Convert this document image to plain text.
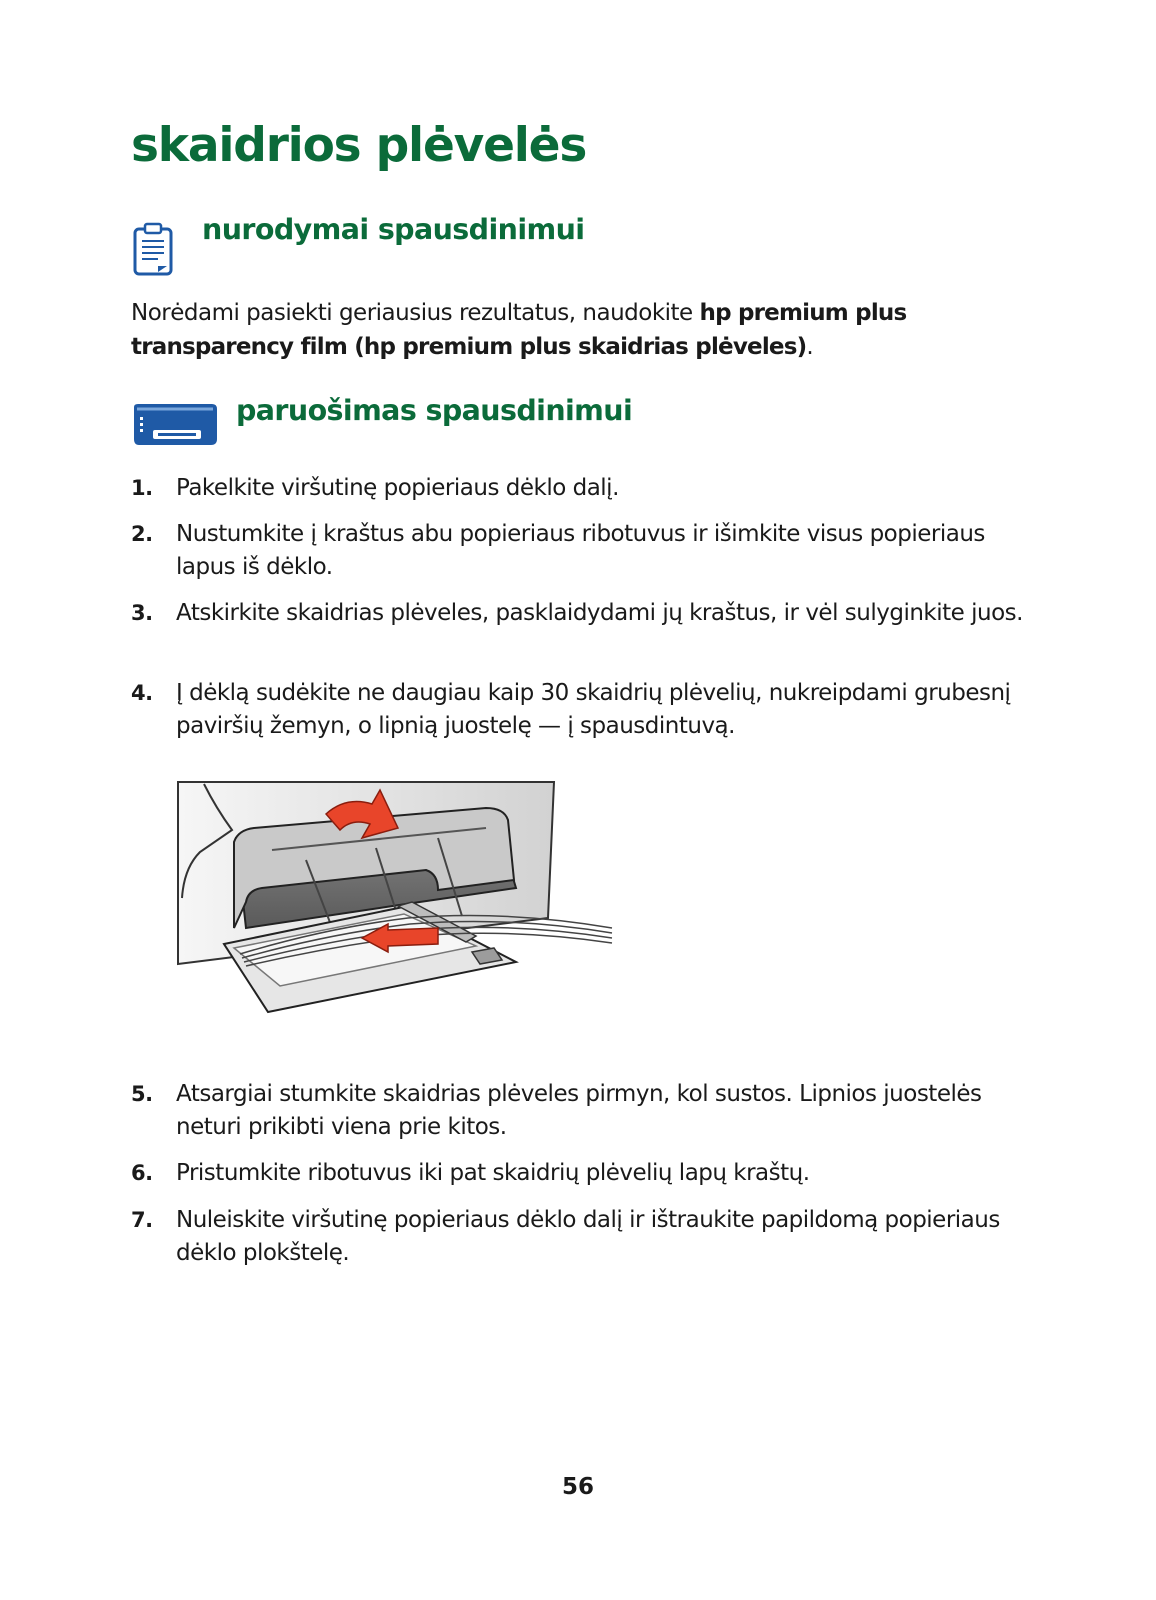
skaidrios plėvelės
nurodymai spausdinimui

Norėdami pasiekti geriausius rezultatus, naudokite hp premium plus
transparency film (hp premium plus skaidrias plėveles).

paruošimas spausdinimui
1. Pakelkite viršutinę popieriaus dėklo dalį.
2. Nustumkite į kraštus abu popieriaus ribotuvus ir išimkite visus popieriaus lapus iš dėklo.
3. Atskirkite skaidrias plėveles, pasklaidydami jų kraštus, ir vėl sulyginkite juos.
4. Į dėklą sudėkite ne daugiau kaip 30 skaidrių plėvelių, nukreipdami grubesnį paviršių žemyn, o lipnią juostelę — į spausdintuvą.
5. Atsargiai stumkite skaidrias plėveles pirmyn, kol sustos. Lipnios juostelės neturi prikibti viena prie kitos.
6. Pristumkite ribotuvus iki pat skaidrių plėvelių lapų kraštų.
7. Nuleiskite viršutinę popieriaus dėklo dalį ir ištraukite papildomą popieriaus dėklo plokštelę.

56
